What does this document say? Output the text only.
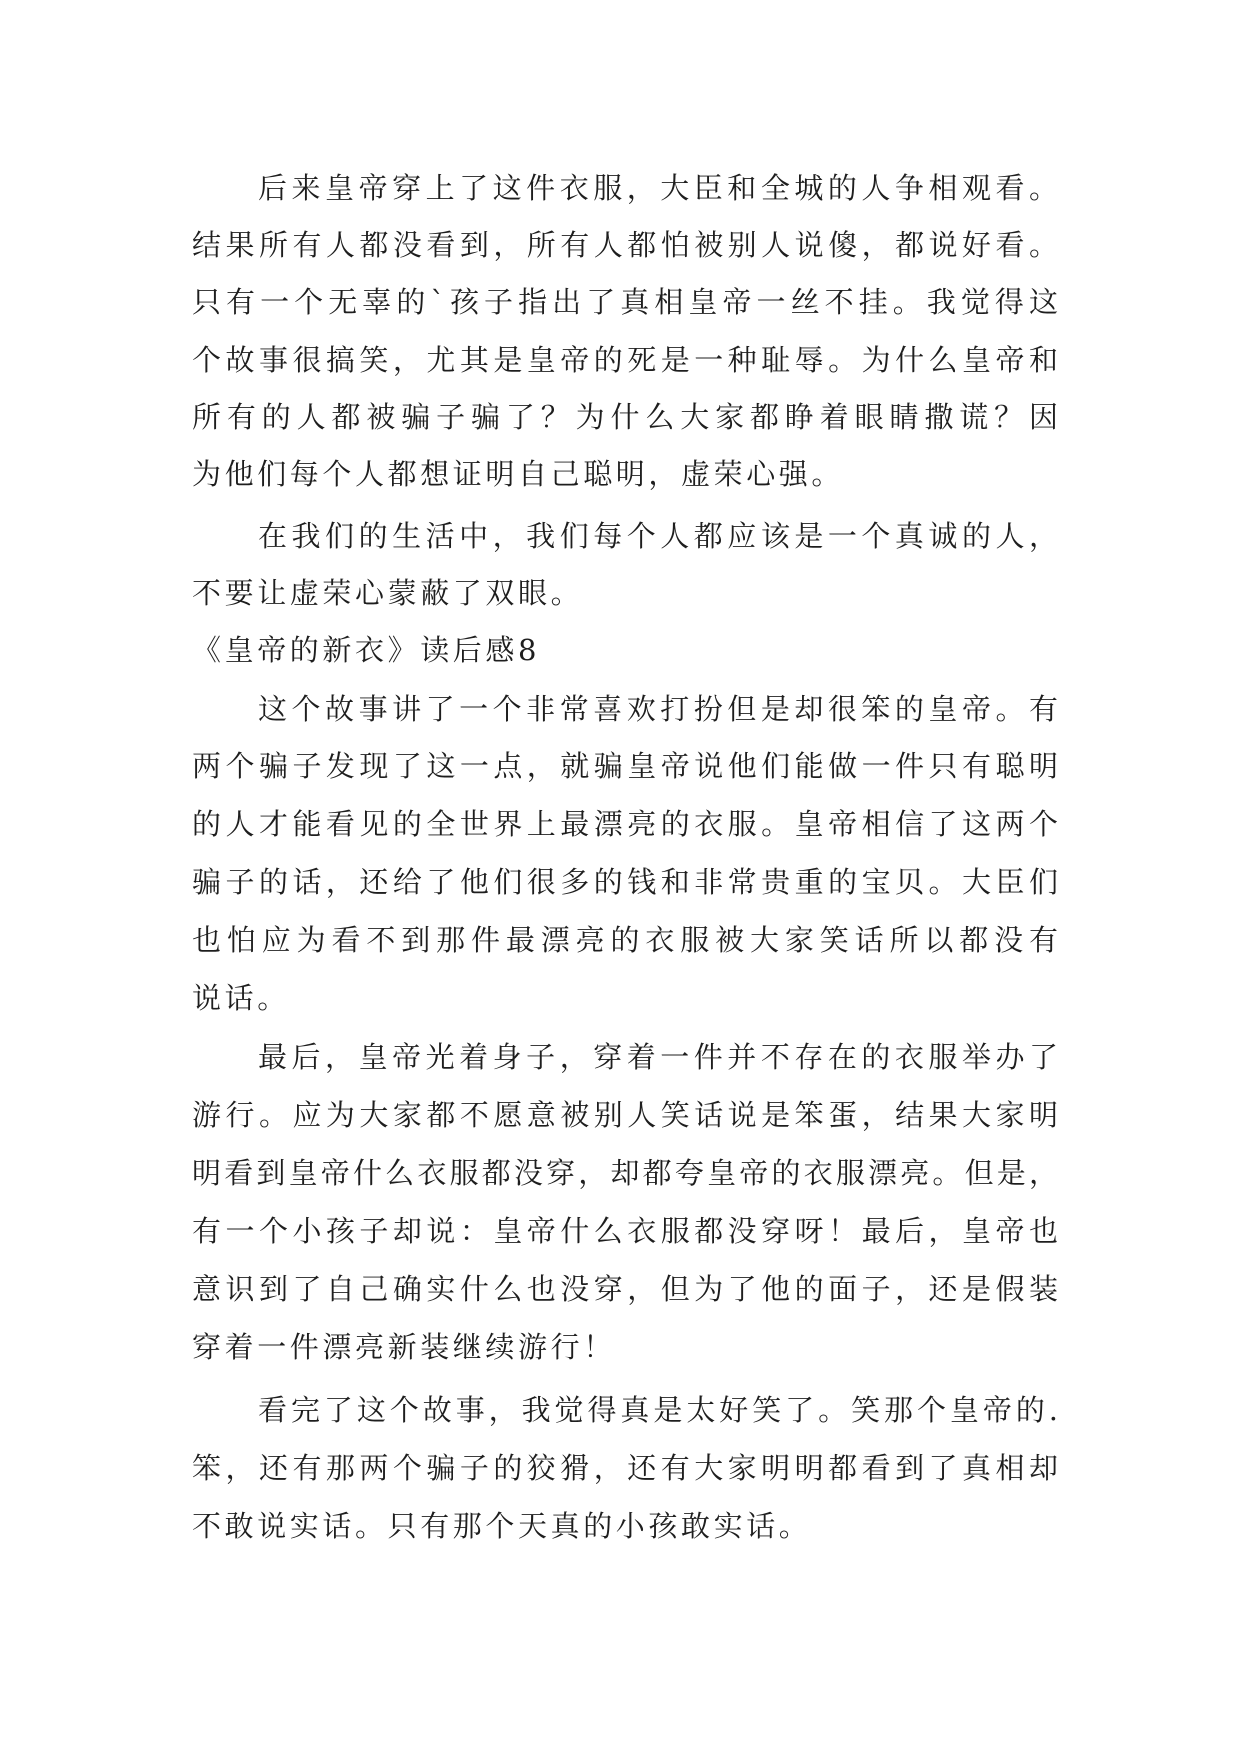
后来皇帝穿上了这件衣服，大臣和全城的人争相观看。
结果所有人都没看到，所有人都怕被别人说傻，都说好看。
只有一个无辜的`孩子指出了真相皇帝一丝不挂。我觉得这
个故事很搞笑，尤其是皇帝的死是一种耻辱。为什么皇帝和
所有的人都被骗子骗了？为什么大家都睁着眼睛撒谎？因
为他们每个人都想证明自己聪明，虚荣心强。
在我们的生活中，我们每个人都应该是一个真诚的人，
不要让虚荣心蒙蔽了双眼。
《皇帝的新衣》读后感8
这个故事讲了一个非常喜欢打扮但是却很笨的皇帝。有
两个骗子发现了这一点，就骗皇帝说他们能做一件只有聪明
的人才能看见的全世界上最漂亮的衣服。皇帝相信了这两个
骗子的话，还给了他们很多的钱和非常贵重的宝贝。大臣们
也怕应为看不到那件最漂亮的衣服被大家笑话所以都没有
说话。
最后，皇帝光着身子，穿着一件并不存在的衣服举办了
游行。应为大家都不愿意被别人笑话说是笨蛋，结果大家明
明看到皇帝什么衣服都没穿，却都夸皇帝的衣服漂亮。但是，
有一个小孩子却说：皇帝什么衣服都没穿呀！最后，皇帝也
意识到了自己确实什么也没穿，但为了他的面子，还是假装
穿着一件漂亮新装继续游行！
看完了这个故事，我觉得真是太好笑了。笑那个皇帝的.
笨，还有那两个骗子的狡猾，还有大家明明都看到了真相却
不敢说实话。只有那个天真的小孩敢实话。
